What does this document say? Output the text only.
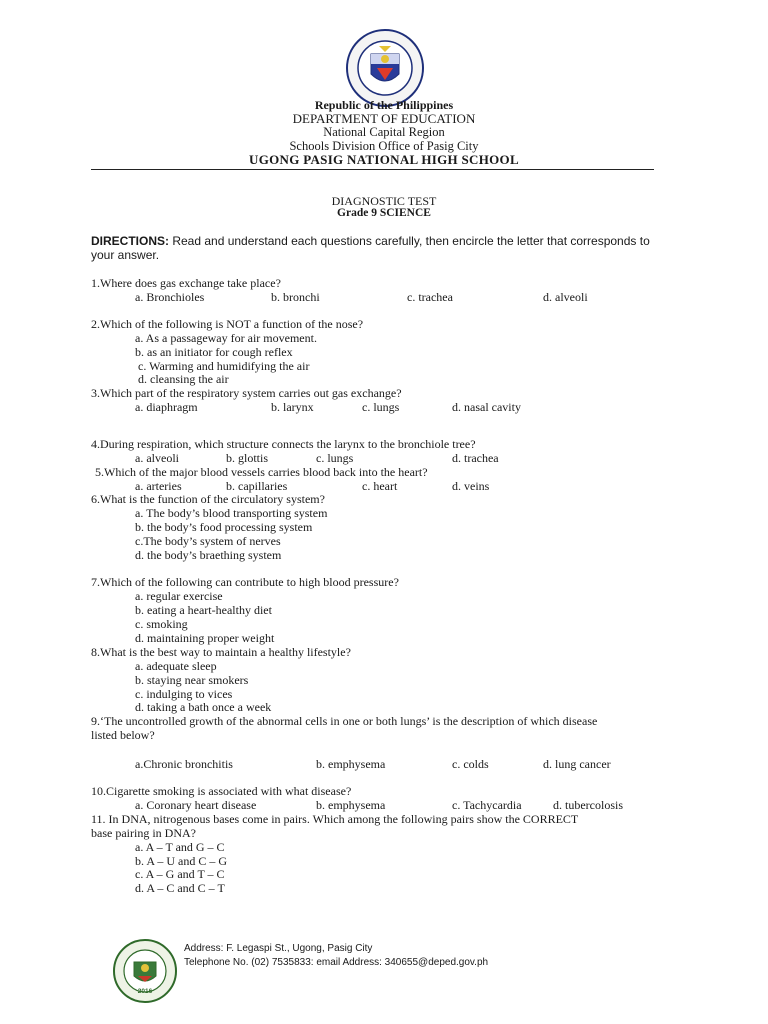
Republic of the Philippines
DEPARTMENT OF EDUCATION
National Capital Region
Schools Division Office of Pasig City
UGONG PASIG NATIONAL HIGH SCHOOL
DIAGNOSTIC TEST
Grade 9 SCIENCE
DIRECTIONS: Read and understand each questions carefully, then encircle the letter that corresponds to
your answer.
1.Where does gas exchange take place?
a. Bronchioles	b. bronchi	c. trachea	d. alveoli
2.Which of the following is NOT a function of the nose?
a. As a passageway for air movement.
b. as an initiator for cough reflex
c. Warming and humidifying the air
d. cleansing the air
3.Which part of the respiratory system carries out gas exchange?
a. diaphragm	b. larynx	c. lungs	d. nasal cavity
4.During respiration, which structure connects the larynx to the bronchiole tree?
a. alveoli	b. glottis	c. lungs	d. trachea
5.Which of the major blood vessels carries blood back into the heart?
a. arteries	b. capillaries	c. heart	d. veins
6.What is the function of the circulatory system?
a. The body’s blood transporting system
b. the body’s food processing system
c.The body’s system of nerves
d. the body’s braething system
7.Which of the following can contribute to high blood pressure?
a. regular exercise
b. eating a heart-healthy diet
c. smoking
d. maintaining proper weight
8.What is the best way to maintain a healthy lifestyle?
a. adequate sleep
b. staying near smokers
c. indulging to vices
d. taking a bath once a week
9.‘The uncontrolled growth of the abnormal cells in one or both lungs’ is the description of which disease
listed below?
a.Chronic bronchitis	b. emphysema	c. colds	d. lung cancer
10.Cigarette smoking is associated with what disease?
a. Coronary heart disease	b. emphysema	c. Tachycardia	d. tubercolosis
11. In DNA, nitrogenous bases come in pairs. Which among the following pairs show the CORRECT
base pairing in DNA?
a. A – T and G – C
b. A – U and C – G
c. A – G and T – C
d. A – C and C – T
2016
Address: F. Legaspi St., Ugong, Pasig City
Telephone No. (02) 7535833: email Address: 340655@deped.gov.ph
